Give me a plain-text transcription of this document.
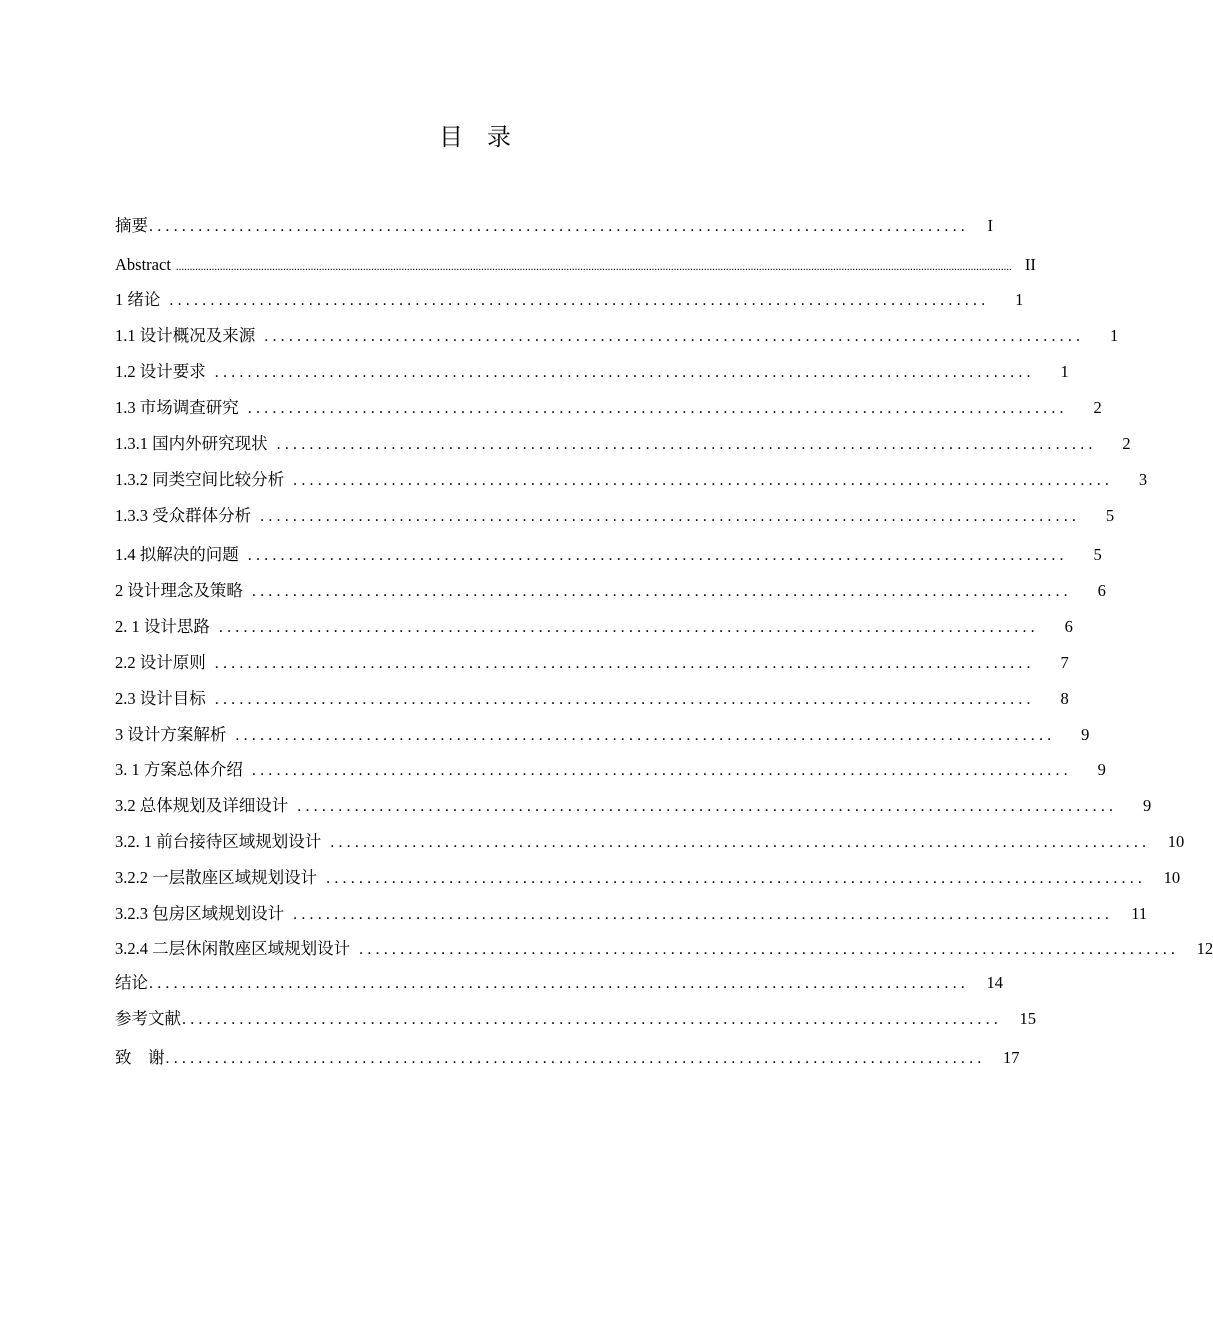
目　录
摘要 ....................................................................................................	I
Abstract ................................................................................................................................................................................................................................................................................................................ II
1 绪论 ....................................................................................................	1
1.1 设计概况及来源 ....................................................................................................	1
1.2 设计要求 ....................................................................................................	1
1.3 市场调查研究 ....................................................................................................	2
1.3.1 国内外研究现状 ....................................................................................................	2
1.3.2 同类空间比较分析 ....................................................................................................	3
1.3.3 受众群体分析 ....................................................................................................	5
1.4 拟解决的问题 ....................................................................................................	5
2 设计理念及策略 ....................................................................................................	6
2. 1 设计思路 ....................................................................................................	6
2.2 设计原则 ....................................................................................................	7
2.3 设计目标 ....................................................................................................	8
3 设计方案解析 ....................................................................................................	9
3. 1 方案总体介绍 ....................................................................................................	9
3.2 总体规划及详细设计 ....................................................................................................	9
3.2. 1 前台接待区域规划设计 ....................................................................................................	10
3.2.2 一层散座区域规划设计 ....................................................................................................	10
3.2.3 包房区域规划设计 ....................................................................................................	11
3.2.4 二层休闲散座区域规划设计 ....................................................................................................	12
结论 ....................................................................................................	14
参考文献 ....................................................................................................	15
致　谢 ....................................................................................................	17
